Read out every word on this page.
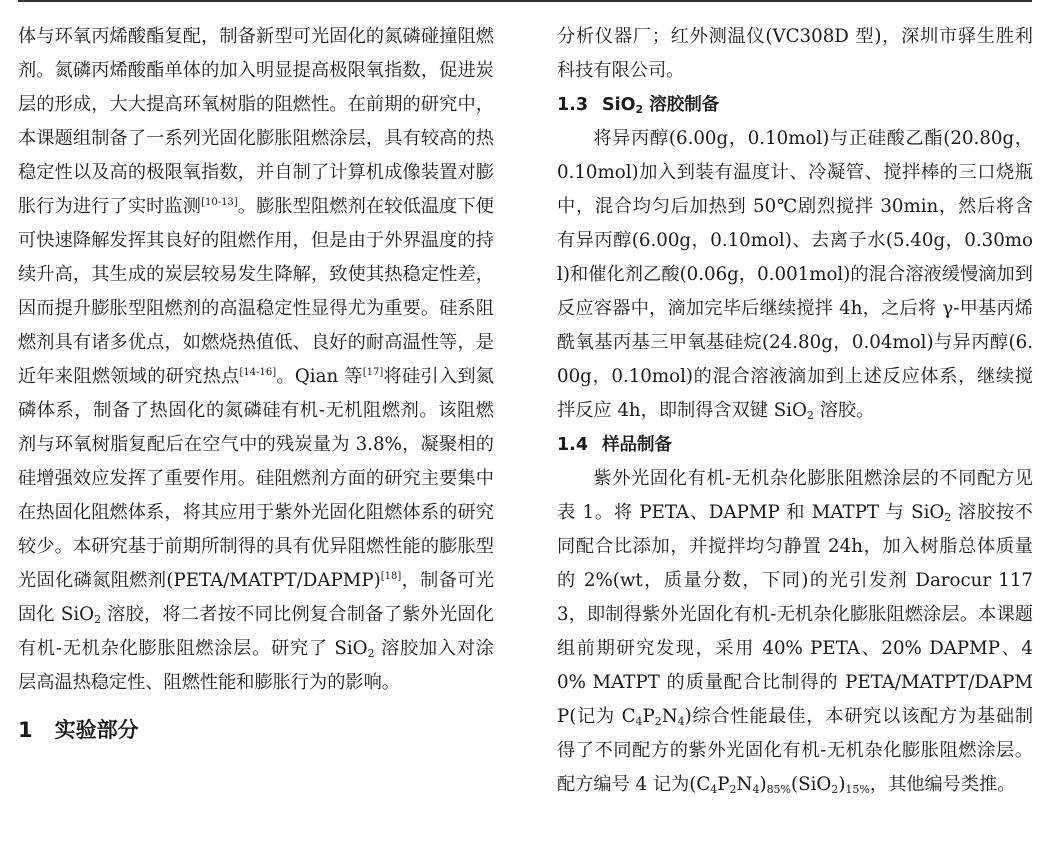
体与环氧丙烯酸酯复配，制备新型可光固化的氮磷碰撞阻燃剂。氮磷丙烯酸酯单体的加入明显提高极限氧指数，促进炭层的形成，大大提高环氧树脂的阻燃性。在前期的研究中，本课题组制备了一系列光固化膨胀阻燃涂层，具有较高的热稳定性以及高的极限氧指数，并自制了计算机成像装置对膨胀行为进行了实时监测[10-13]。膨胀型阻燃剂在较低温度下便可快速降解发挥其良好的阻燃作用，但是由于外界温度的持续升高，其生成的炭层较易发生降解，致使其热稳定性差，因而提升膨胀型阻燃剂的高温稳定性显得尤为重要。硅系阻燃剂具有诸多优点，如燃烧热值低、良好的耐高温性等，是近年来阻燃领域的研究热点[14-16]。Qian 等[17]将硅引入到氮磷体系，制备了热固化的氮磷硅有机-无机阻燃剂。该阻燃剂与环氧树脂复配后在空气中的残炭量为 3.8%，凝聚相的硅增强效应发挥了重要作用。硅阻燃剂方面的研究主要集中在热固化阻燃体系，将其应用于紫外光固化阻燃体系的研究较少。本研究基于前期所制得的具有优异阻燃性能的膨胀型光固化磷氮阻燃剂(PETA/MATPT/DAPMP)[18]，制备可光固化 SiO$_2$ 溶胶，将二者按不同比例复合制备了紫外光固化有机-无机杂化膨胀阻燃涂层。研究了 SiO$_2$ 溶胶加入对涂层高温热稳定性、阻燃性能和膨胀行为的影响。

1 实验部分

分析仪器厂；红外测温仪(VC308D 型)，深圳市驿生胜利科技有限公司。

1.3 SiO$_2$ 溶胶制备

将异丙醇(6.00g，0.10mol)与正硅酸乙酯(20.80g，0.10mol)加入到装有温度计、冷凝管、搅拌棒的三口烧瓶中，混合均匀后加热到 50℃剧烈搅拌 30min，然后将含有异丙醇(6.00g，0.10mol)、去离子水(5.40g，0.30mol)和催化剂乙酸(0.06g，0.001mol)的混合溶液缓慢滴加到反应容器中，滴加完毕后继续搅拌 4h，之后将 γ-甲基丙烯酰氧基丙基三甲氧基硅烷(24.80g，0.04mol)与异丙醇(6.00g，0.10mol)的混合溶液滴加到上述反应体系，继续搅拌反应 4h，即制得含双键 SiO$_2$ 溶胶。

1.4 样品制备

紫外光固化有机-无机杂化膨胀阻燃涂层的不同配方见表 1。将 PETA、DAPMP 和 MATPT 与 SiO$_2$ 溶胶按不同配合比添加，并搅拌均匀静置 24h，加入树脂总体质量的 2%(wt，质量分数，下同)的光引发剂 Darocur 1173，即制得紫外光固化有机-无机杂化膨胀阻燃涂层。本课题组前期研究发现，采用 40% PETA、20% DAPMP、40% MATPT 的质量配合比制得的 PETA/MATPT/DAPMP(记为 $C_4P_2N_4$)综合性能最佳，本研究以该配方为基础制得了不同配方的紫外光固化有机-无机杂化膨胀阻燃涂层。配方编号 4 记为$(C_4P_2N_4)_{85\%}(SiO_2)_{15\%}$，其他编号类推。
